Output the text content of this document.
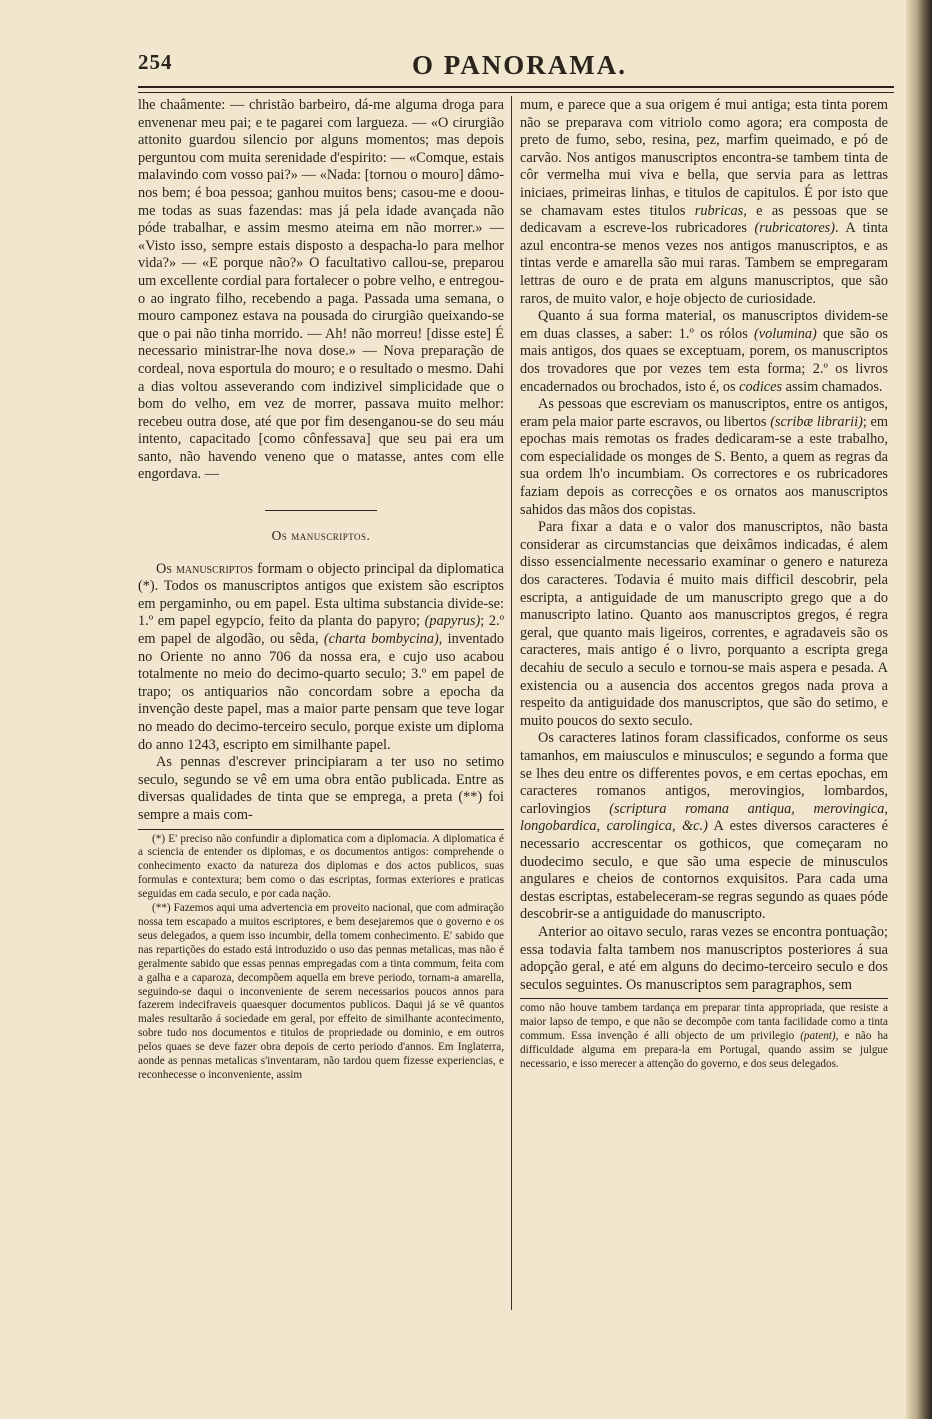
254	O PANORAMA.

lhe chaâmente: — christão barbeiro, dá-me alguma droga para envenenar meu pai; e te pagarei com largueza. — «O cirurgião attonito guardou silencio por alguns momentos; mas depois perguntou com muita serenidade d'espirito: — «Comque, estais malavindo com vosso pai?» — «Nada: [tornou o mouro] dâmo-nos bem; é boa pessoa; ganhou muitos bens; casou-me e doou-me todas as suas fazendas: mas já pela idade avançada não póde trabalhar, e assim mesmo ateima em não morrer.» — «Visto isso, sempre estais disposto a despacha-lo para melhor vida?» — «E porque não?» O facultativo callou-se, preparou um excellente cordial para fortalecer o pobre velho, e entregou-o ao ingrato filho, recebendo a paga. Passada uma semana, o mouro camponez estava na pousada do cirurgião queixando-se que o pai não tinha morrido. — Ah! não morreu! [disse este] É necessario ministrar-lhe nova dose.» — Nova preparação de cordeal, nova esportula do mouro; e o resultado o mesmo. Dahi a dias voltou asseverando com indizivel simplicidade que o bom do velho, em vez de morrer, passava muito melhor: recebeu outra dose, até que por fim desenganou-se do seu máu intento, capacitado [como cônfessava] que seu pai era um santo, não havendo veneno que o matasse, antes com elle engordava. —

Os manuscriptos.

Os manuscriptos formam o objecto principal da diplomatica (*). Todos os manuscriptos antigos que existem são escriptos em pergaminho, ou em papel. Esta ultima substancia divide-se: 1.º em papel egypcio, feito da planta do papyro; (papyrus); 2.º em papel de algodão, ou sêda, (charta bombycina), inventado no Oriente no anno 706 da nossa era, e cujo uso acabou totalmente no meio do decimo-quarto seculo; 3.º em papel de trapo; os antiquarios não concordam sobre a epocha da invenção deste papel, mas a maior parte pensam que teve logar no meado do decimo-terceiro seculo, porque existe um diploma do anno 1243, escripto em similhante papel.

As pennas d'escrever principiaram a ter uso no setimo seculo, segundo se vê em uma obra então publicada. Entre as diversas qualidades de tinta que se emprega, a preta (**) foi sempre a mais com-

(*) E' preciso não confundir a diplomatica com a diplomacia. A diplomatica é a sciencia de entender os diplomas, e os documentos antigos: comprehende o conhecimento exacto da natureza dos diplomas e dos actos publicos, suas formulas e contextura; bem como o das escriptas, formas exteriores e praticas seguidas em cada seculo, e por cada nação.

(**) Fazemos aqui uma advertencia em proveito nacional, que com admiração nossa tem escapado a muitos escriptores, e bem desejaremos que o governo e os seus delegados, a quem isso incumbir, della tomem conhecimento. E' sabido que nas repartições do estado está introduzido o uso das pennas metalicas, mas não é geralmente sabido que essas pennas empregadas com a tinta commum, feita com a galha e a caparoza, decompõem aquella em breve periodo, tornam-a amarella, seguindo-se daqui o inconveniente de serem necessarios poucos annos para fazerem indecifraveis quaesquer documentos publicos. Daqui já se vê quantos males resultarão á sociedade em geral, por effeito de similhante acontecimento, sobre tudo nos documentos e titulos de propriedade ou dominio, e em outros pelos quaes se deve fazer obra depois de certo periodo d'annos. Em Inglaterra, aonde as pennas metalicas s'inventaram, não tardou quem fizesse experiencias, e reconhecesse o inconveniente, assim

mum, e parece que a sua origem é mui antiga; esta tinta porem não se preparava com vitriolo como agora; era composta de preto de fumo, sebo, resina, pez, marfim queimado, e pó de carvão. Nos antigos manuscriptos encontra-se tambem tinta de côr vermelha mui viva e bella, que servia para as lettras iniciaes, primeiras linhas, e titulos de capitulos. É por isto que se chamavam estes titulos rubricas, e as pessoas que se dedicavam a escreve-los rubricadores (rubricatores). A tinta azul encontra-se menos vezes nos antigos manuscriptos, e as tintas verde e amarella são mui raras. Tambem se empregaram lettras de ouro e de prata em alguns manuscriptos, que são raros, de muito valor, e hoje objecto de curiosidade.

Quanto á sua forma material, os manuscriptos dividem-se em duas classes, a saber: 1.º os rólos (volumina) que são os mais antigos, dos quaes se exceptuam, porem, os manuscriptos dos trovadores que por vezes tem esta forma; 2.º os livros encadernados ou brochados, isto é, os codices assim chamados.

As pessoas que escreviam os manuscriptos, entre os antigos, eram pela maior parte escravos, ou libertos (scribæ librarii); em epochas mais remotas os frades dedicaram-se a este trabalho, com especialidade os monges de S. Bento, a quem as regras da sua ordem lh'o incumbiam. Os correctores e os rubricadores faziam depois as correcções e os ornatos aos manuscriptos sahidos das mãos dos copistas.

Para fixar a data e o valor dos manuscriptos, não basta considerar as circumstancias que deixâmos indicadas, é alem disso essencialmente necessario examinar o genero e natureza dos caracteres. Todavia é muito mais difficil descobrir, pela escripta, a antiguidade de um manuscripto grego que a do manuscripto latino. Quanto aos manuscriptos gregos, é regra geral, que quanto mais ligeiros, correntes, e agradaveis são os caracteres, mais antigo é o livro, porquanto a escripta grega decahiu de seculo a seculo e tornou-se mais aspera e pesada. A existencia ou a ausencia dos accentos gregos nada prova a respeito da antiguidade dos manuscriptos, que são do setimo, e muito poucos do sexto seculo.

Os caracteres latinos foram classificados, conforme os seus tamanhos, em maiusculos e minusculos; e segundo a forma que se lhes deu entre os differentes povos, e em certas epochas, em caracteres romanos antigos, merovingios, lombardos, carlovingios (scriptura romana antiqua, merovingica, longobardica, carolingica, &c.) A estes diversos caracteres é necessario accrescentar os gothicos, que começaram no duodecimo seculo, e que são uma especie de minusculos angulares e cheios de contornos exquisitos. Para cada uma destas escriptas, estabeleceram-se regras segundo as quaes póde descobrir-se a antiguidade do manuscripto.

Anterior ao oitavo seculo, raras vezes se encontra pontuação; essa todavia falta tambem nos manuscriptos posteriores á sua adopção geral, e até em alguns do decimo-terceiro seculo e dos seculos seguintes. Os manuscriptos sem paragraphos, sem

como não houve tambem tardança em preparar tinta appropriada, que resiste a maior lapso de tempo, e que não se decompõe com tanta facilidade como a tinta commum. Essa invenção é alli objecto de um privilegio (patent), e não ha difficuldade alguma em prepara-la em Portugal, quando assim se julgue necessario, e isso merecer a attenção do governo, e dos seus delegados.
